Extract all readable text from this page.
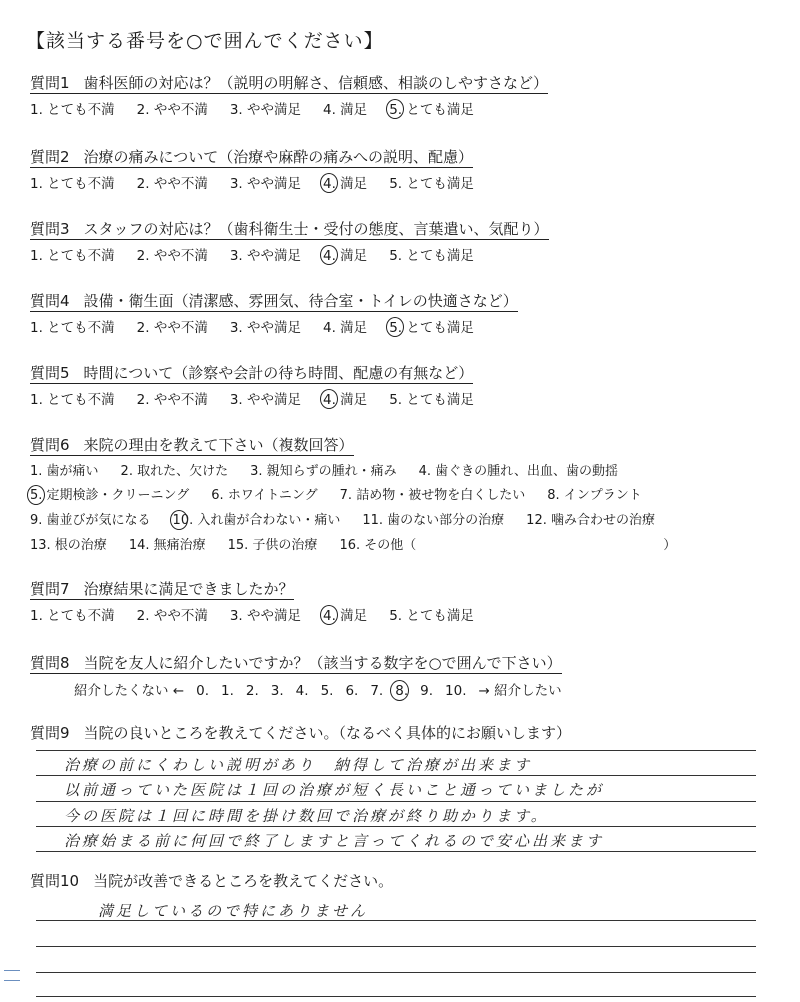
【該当する番号を○で囲んでください】
質問1 歯科医師の対応は？（説明の明解さ、信頼感、相談のしやすさなど）
1. とても不満 2. やや不満 3. やや満足 4. 満足 5. とても満足
質問2 治療の痛みについて（治療や麻酔の痛みへの説明、配慮）
1. とても不満 2. やや不満 3. やや満足 4. 満足 5. とても満足
質問3 スタッフの対応は？（歯科衛生士・受付の態度、言葉遣い、気配り）
1. とても不満 2. やや不満 3. やや満足 4. 満足 5. とても満足
質問4 設備・衛生面（清潔感、雰囲気、待合室・トイレの快適さなど）
1. とても不満 2. やや不満 3. やや満足 4. 満足 5. とても満足
質問5 時間について（診察や会計の待ち時間、配慮の有無など）
1. とても不満 2. やや不満 3. やや満足 4. 満足 5. とても満足
質問6 来院の理由を教えて下さい（複数回答）
1. 歯が痛い 2. 取れた、欠けた 3. 親知らずの腫れ・痛み 4. 歯ぐきの腫れ、出血、歯の動揺
5. 定期検診・クリーニング 6. ホワイトニング 7. 詰め物・被せ物を白くしたい 8. インプラント
9. 歯並びが気になる 10. 入れ歯が合わない・痛い 11. 歯のない部分の治療 12. 噛み合わせの治療
13. 根の治療 14. 無痛治療 15. 子供の治療 16. その他（　　　　　　　　　　　　　　　　　　　）
質問7 治療結果に満足できましたか？
1. とても不満 2. やや不満 3. やや満足 4. 満足 5. とても満足
質問8 当院を友人に紹介したいですか？（該当する数字を○で囲んで下さい）
紹介したくない ← 0. 1. 2. 3. 4. 5. 6. 7. 8. 9. 10. → 紹介したい
質問9 当院の良いところを教えてください。（なるべく具体的にお願いします）
治療の前にくわしい説明があり　納得して治療が出来ます
以前通っていた医院は１回の治療が短く長いこと通っていましたが
今の医院は１回に時間を掛け数回で治療が終り助かります。
治療始まる前に何回で終了しますと言ってくれるので安心出来ます
質問10 当院が改善できるところを教えてください。
満足しているので特にありません
